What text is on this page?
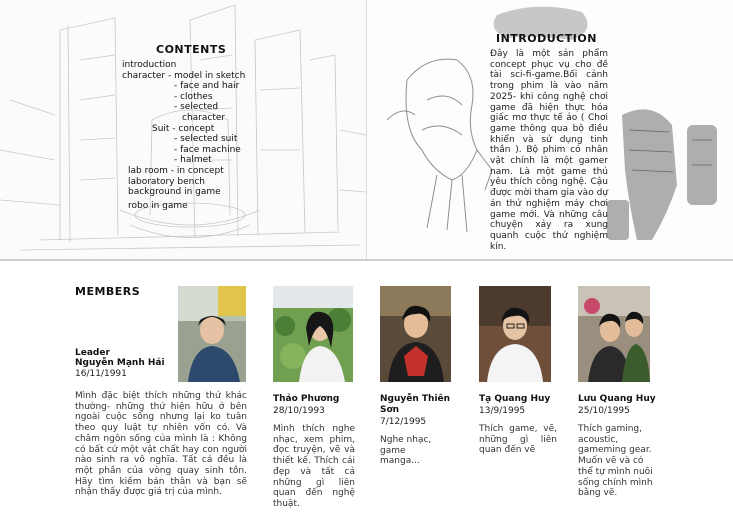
CONTENTS
introduction
character - model in sketch
- face and hair
- clothes
- selected
character
Suit - concept
- selected suit
- face machine
- halmet
lab room - in concept
laboratory bench
background in game
robo in game
INTRODUCTION
Đây là một sản phẩm concept phục vụ cho đề tài sci-fi-game.Bối cảnh trong phim là vào năm 2025- khi công nghệ chơi game đã hiện thực hóa giấc mơ thực tế ảo ( Chơi game thông qua bộ điều khiển và sử dụng tinh thần ). Bộ phim có nhân vật chính là một gamer nam. Là một game thủ yêu thích công nghệ. Cậu được mời tham gia vào dự án thử nghiệm máy chơi game mới. Và những câu chuyện xảy ra xung quanh cuộc thử nghiệm kín.
MEMBERS
Leader
Nguyễn Mạnh Hải
16/11/1991
Mình đặc biệt thích những thứ khác thường- những thứ hiện hữu ở bên ngoài cuộc sống nhưng lại ko tuân theo quy luật tự nhiên vốn có. Và châm ngôn sống của mình là : Không có bất cứ một vật chất hay con người nào sinh ra vô nghĩa. Tất cả đều là một phần của vòng quay sinh tồn. Hãy tìm kiếm bản thân và bạn sẽ nhận thấy được giá trị của mình.
Thảo Phương
28/10/1993
Mình thích nghe nhạc, xem phim, đọc truyện, vẽ và thiết kế. Thích cái đẹp và tất cả những gì liên quan đến nghệ thuật.
Nguyễn Thiên Sơn
7/12/1995
Nghe nhạc, game manga...
Tạ Quang Huy
13/9/1995
Thích game, vẽ, những gì liên quan đến vẽ
Lưu Quang Huy
25/10/1995
Thích gaming, acoustic, gameming gear. Muốn vẽ và có thể tự mình nuôi sống chính mình bằng vẽ.
